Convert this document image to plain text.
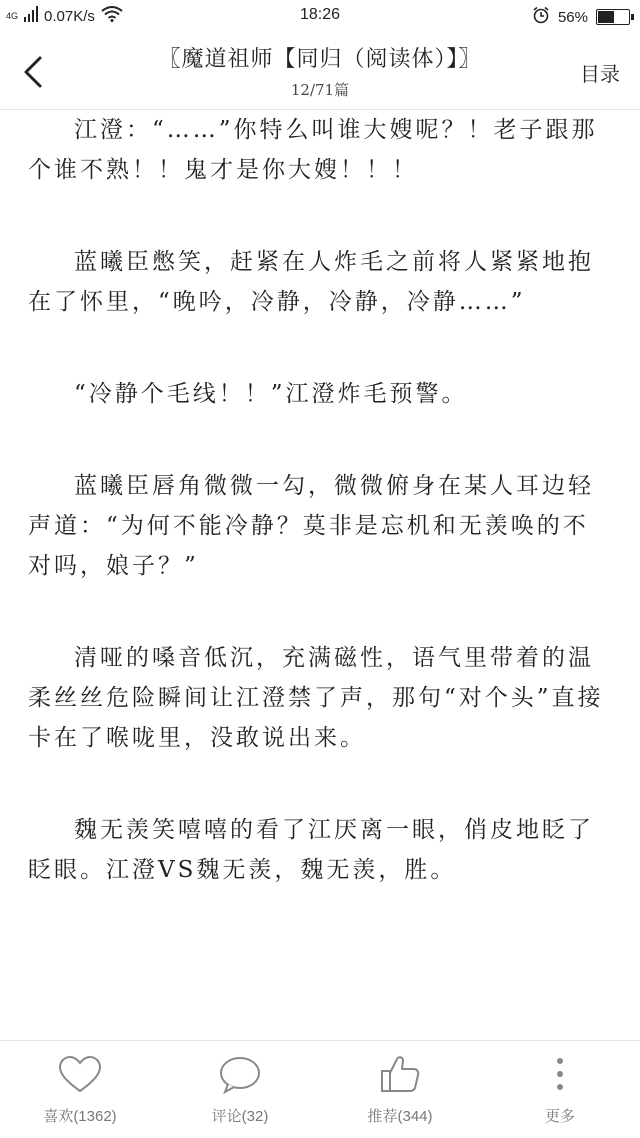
4G 0.07K/s	18:26	56%
〖魔道祖师【同归（阅读体）】〗
12/71篇
目录

江澄：“……”你特么叫谁大嫂呢？！老子跟那个谁不熟！！鬼才是你大嫂！！！

蓝曦臣憋笑，赶紧在人炸毛之前将人紧紧地抱在了怀里，“晚吟，冷静，冷静，冷静……”

“冷静个毛线！！”江澄炸毛预警。

蓝曦臣唇角微微一勾，微微俯身在某人耳边轻声道：“为何不能冷静？莫非是忘机和无羡唤的不对吗，娘子？”

清哑的嗓音低沉，充满磁性，语气里带着的温柔丝丝危险瞬间让江澄禁了声，那句“对个头”直接卡在了喉咙里，没敢说出来。

魏无羡笑嘻嘻的看了江厌离一眼，俏皮地眨了眨眼。江澄VS魏无羡，魏无羡，胜。

喜欢(1362)	评论(32)	推荐(344)	更多
